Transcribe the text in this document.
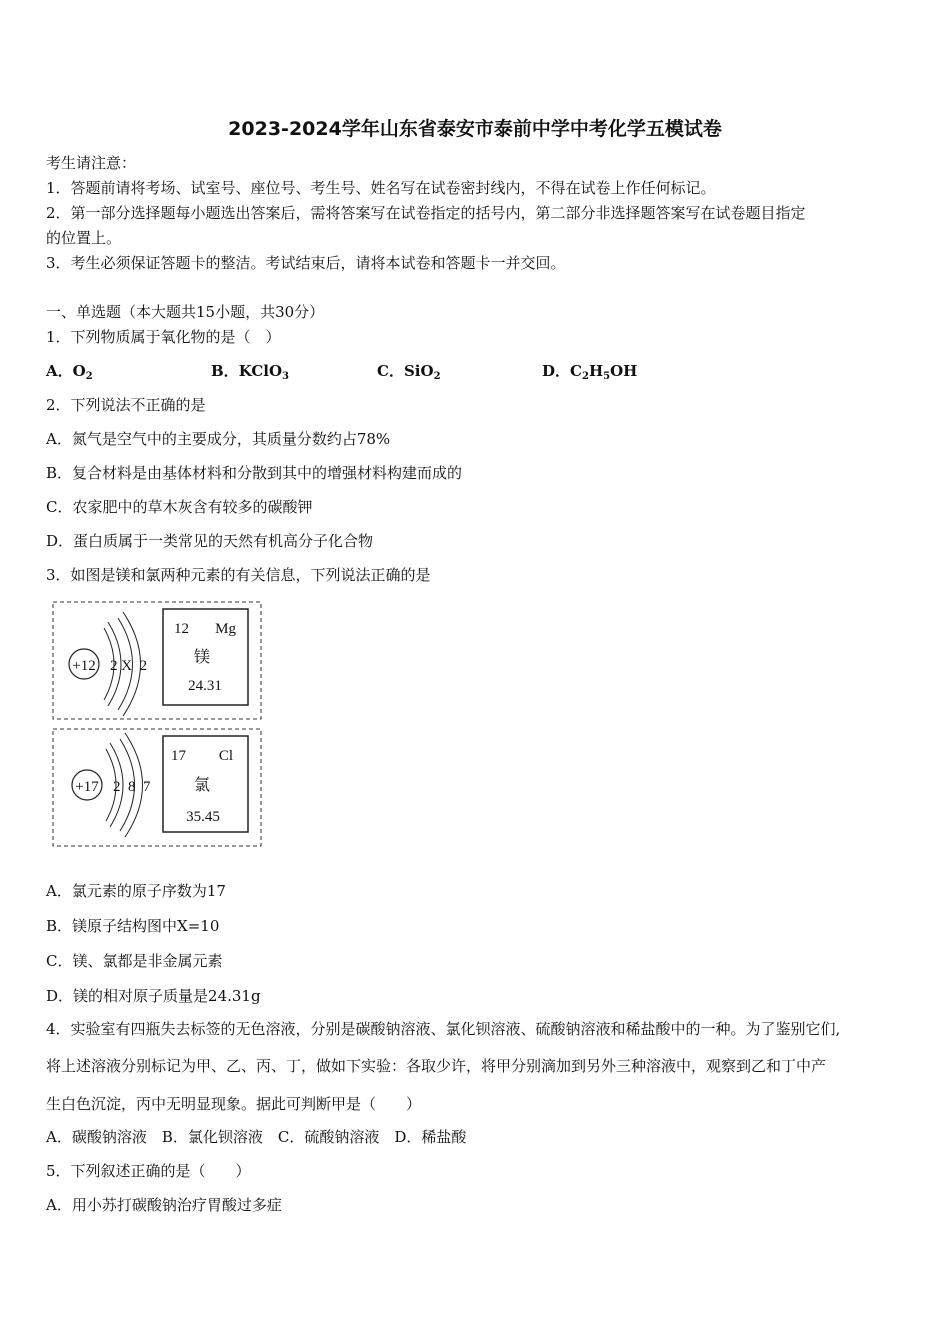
2023-2024学年山东省泰安市泰前中学中考化学五模试卷
考生请注意：
1．答题前请将考场、试室号、座位号、考生号、姓名写在试卷密封线内，不得在试卷上作任何标记。
2．第一部分选择题每小题选出答案后，需将答案写在试卷指定的括号内，第二部分非选择题答案写在试卷题目指定
的位置上。
3．考生必须保证答题卡的整洁。考试结束后，请将本试卷和答题卡一并交回。
一、单选题（本大题共15小题，共30分）
1．下列物质属于氧化物的是（　）
A．$O_2$	B．KClO$_3$	C．SiO$_2$	D．$C_2H_5OH$
2．下列说法不正确的是
A．氮气是空气中的主要成分，其质量分数约占78%
B．复合材料是由基体材料和分散到其中的增强材料构建而成的
C．农家肥中的草木灰含有较多的碳酸钾
D．蛋白质属于一类常见的天然有机高分子化合物
3．如图是镁和氯两种元素的有关信息，下列说法正确的是
+12 2 X  2
12 Mg
镁
24.31
+17 2  8  7
17 Cl
氯
35.45
A．氯元素的原子序数为17
B．镁原子结构图中X=10
C．镁、氯都是非金属元素
D．镁的相对原子质量是24.31g
4．实验室有四瓶失去标签的无色溶液，分别是碳酸钠溶液、氯化钡溶液、硫酸钠溶液和稀盐酸中的一种。为了鉴别它们,
将上述溶液分别标记为甲、乙、丙、丁，做如下实验：各取少许，将甲分别滴加到另外三种溶液中，观察到乙和丁中产
生白色沉淀，丙中无明显现象。据此可判断甲是（　　）
A．碳酸钠溶液　B．氯化钡溶液　C．硫酸钠溶液　D．稀盐酸
5．下列叙述正确的是（　　）
A．用小苏打碳酸钠治疗胃酸过多症
